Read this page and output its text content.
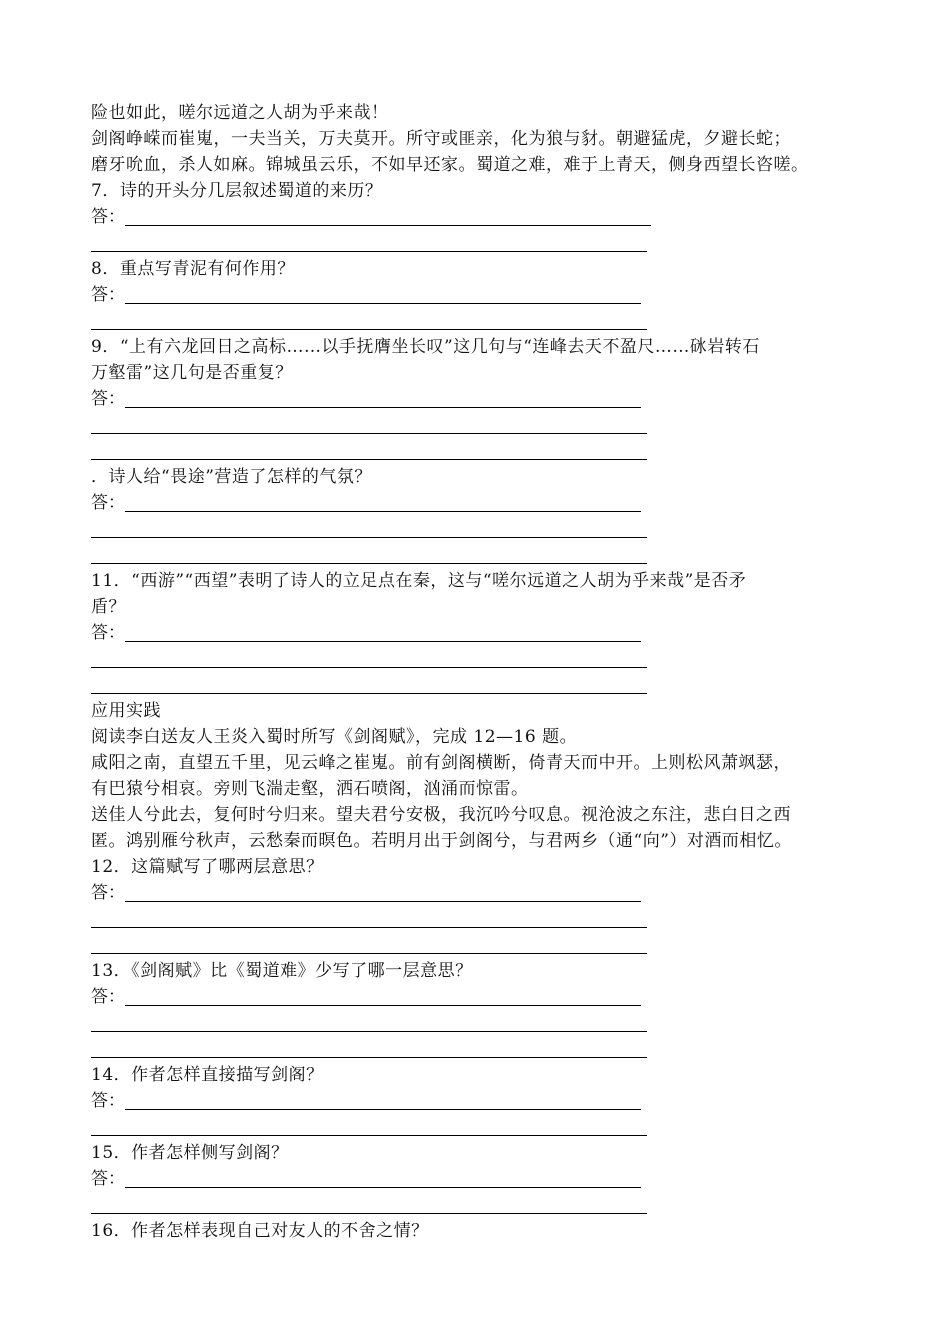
险也如此，嗟尔远道之人胡为乎来哉！
剑阁峥嵘而崔嵬，一夫当关，万夫莫开。所守或匪亲，化为狼与豺。朝避猛虎，夕避长蛇；
磨牙吮血，杀人如麻。锦城虽云乐，不如早还家。蜀道之难，难于上青天，侧身西望长咨嗟。
7．诗的开头分几层叙述蜀道的来历？
答：
8．重点写青泥有何作用？
答：
9．“上有六龙回日之高标……以手抚膺坐长叹”这几句与“连峰去天不盈尺……砯岩转石
万壑雷”这几句是否重复？
答：
．诗人给“畏途”营造了怎样的气氛？
答：
11．“西游”“西望”表明了诗人的立足点在秦，这与“嗟尔远道之人胡为乎来哉”是否矛
盾？
答：
应用实践
阅读李白送友人王炎入蜀时所写《剑阁赋》，完成 12—16 题。
咸阳之南，直望五千里，见云峰之崔嵬。前有剑阁横断，倚青天而中开。上则松风萧飒瑟，
有巴猿兮相哀。旁则飞湍走壑，洒石喷阁，汹涌而惊雷。
送佳人兮此去，复何时兮归来。望夫君兮安极，我沉吟兮叹息。视沧波之东注，悲白日之西
匿。鸿别雁兮秋声，云愁秦而暝色。若明月出于剑阁兮，与君两乡（通“向”）对酒而相忆。
12．这篇赋写了哪两层意思？
答：
13．《剑阁赋》比《蜀道难》少写了哪一层意思？
答：
14．作者怎样直接描写剑阁？
答：
15．作者怎样侧写剑阁？
答：
16．作者怎样表现自己对友人的不舍之情？
